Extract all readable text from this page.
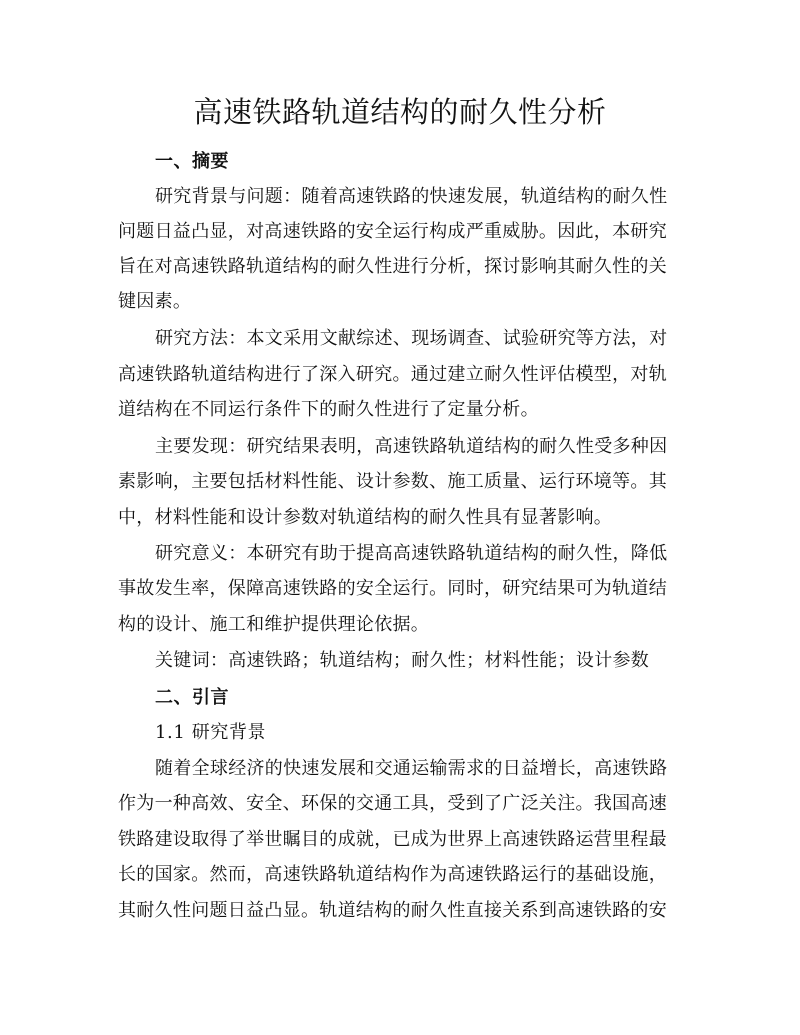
高速铁路轨道结构的耐久性分析
一、摘要
研究背景与问题：随着高速铁路的快速发展，轨道结构的耐久性
问题日益凸显，对高速铁路的安全运行构成严重威胁。因此，本研究
旨在对高速铁路轨道结构的耐久性进行分析，探讨影响其耐久性的关
键因素。
研究方法：本文采用文献综述、现场调查、试验研究等方法，对
高速铁路轨道结构进行了深入研究。通过建立耐久性评估模型，对轨
道结构在不同运行条件下的耐久性进行了定量分析。
主要发现：研究结果表明，高速铁路轨道结构的耐久性受多种因
素影响，主要包括材料性能、设计参数、施工质量、运行环境等。其
中，材料性能和设计参数对轨道结构的耐久性具有显著影响。
研究意义：本研究有助于提高高速铁路轨道结构的耐久性，降低
事故发生率，保障高速铁路的安全运行。同时，研究结果可为轨道结
构的设计、施工和维护提供理论依据。
关键词：高速铁路；轨道结构；耐久性；材料性能；设计参数
二、引言
1.1 研究背景
随着全球经济的快速发展和交通运输需求的日益增长，高速铁路
作为一种高效、安全、环保的交通工具，受到了广泛关注。我国高速
铁路建设取得了举世瞩目的成就，已成为世界上高速铁路运营里程最
长的国家。然而，高速铁路轨道结构作为高速铁路运行的基础设施，
其耐久性问题日益凸显。轨道结构的耐久性直接关系到高速铁路的安
